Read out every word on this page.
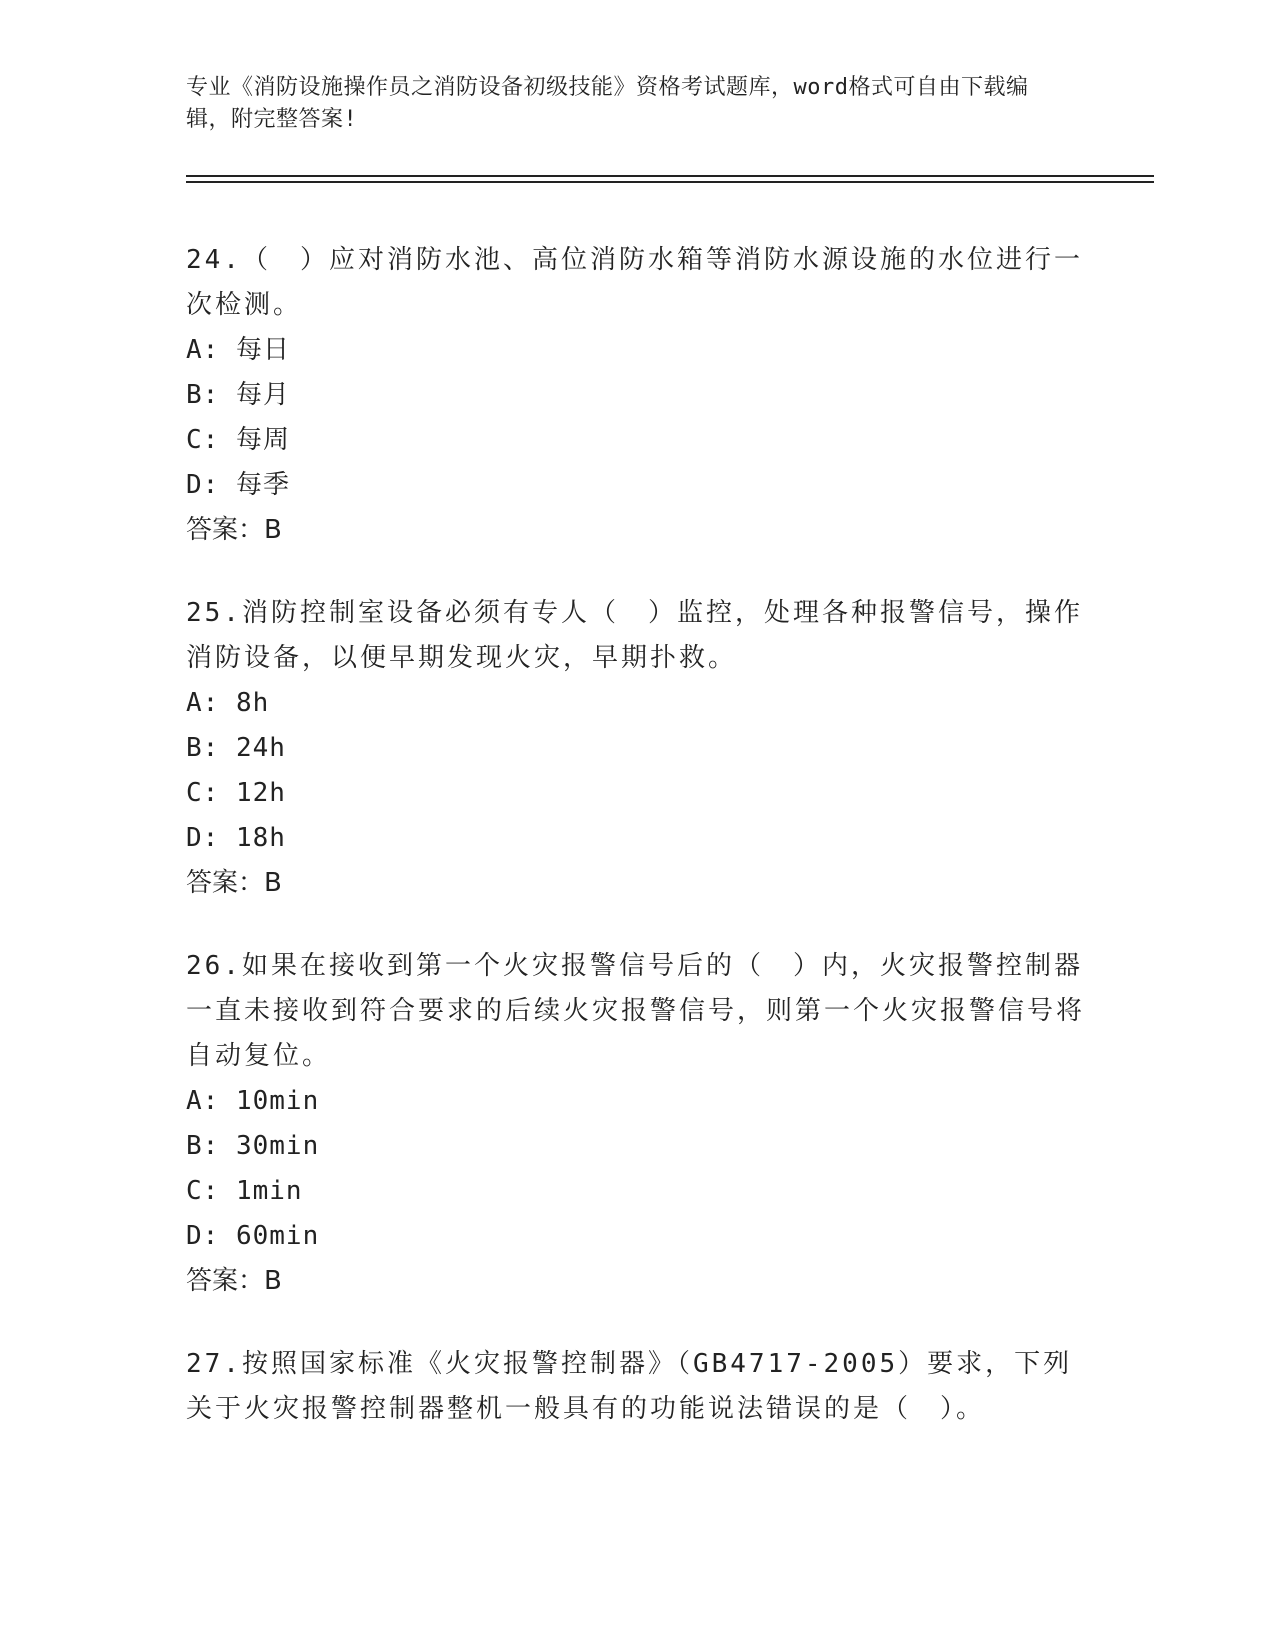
专业《消防设施操作员之消防设备初级技能》资格考试题库，word格式可自由下载编辑，附完整答案!

24.（　）应对消防水池、高位消防水箱等消防水源设施的水位进行一次检测。

A: 每日

B: 每月

C: 每周

D: 每季

答案：B

25.消防控制室设备必须有专人（　）监控，处理各种报警信号，操作消防设备，以便早期发现火灾，早期扑救。

A: 8h

B: 24h

C: 12h

D: 18h

答案：B

26.如果在接收到第一个火灾报警信号后的（　）内，火灾报警控制器一直未接收到符合要求的后续火灾报警信号，则第一个火灾报警信号将自动复位。

A: 10min

B: 30min

C: 1min

D: 60min

答案：B

27.按照国家标准《火灾报警控制器》（GB4717-2005）要求，下列关于火灾报警控制器整机一般具有的功能说法错误的是（　）。
